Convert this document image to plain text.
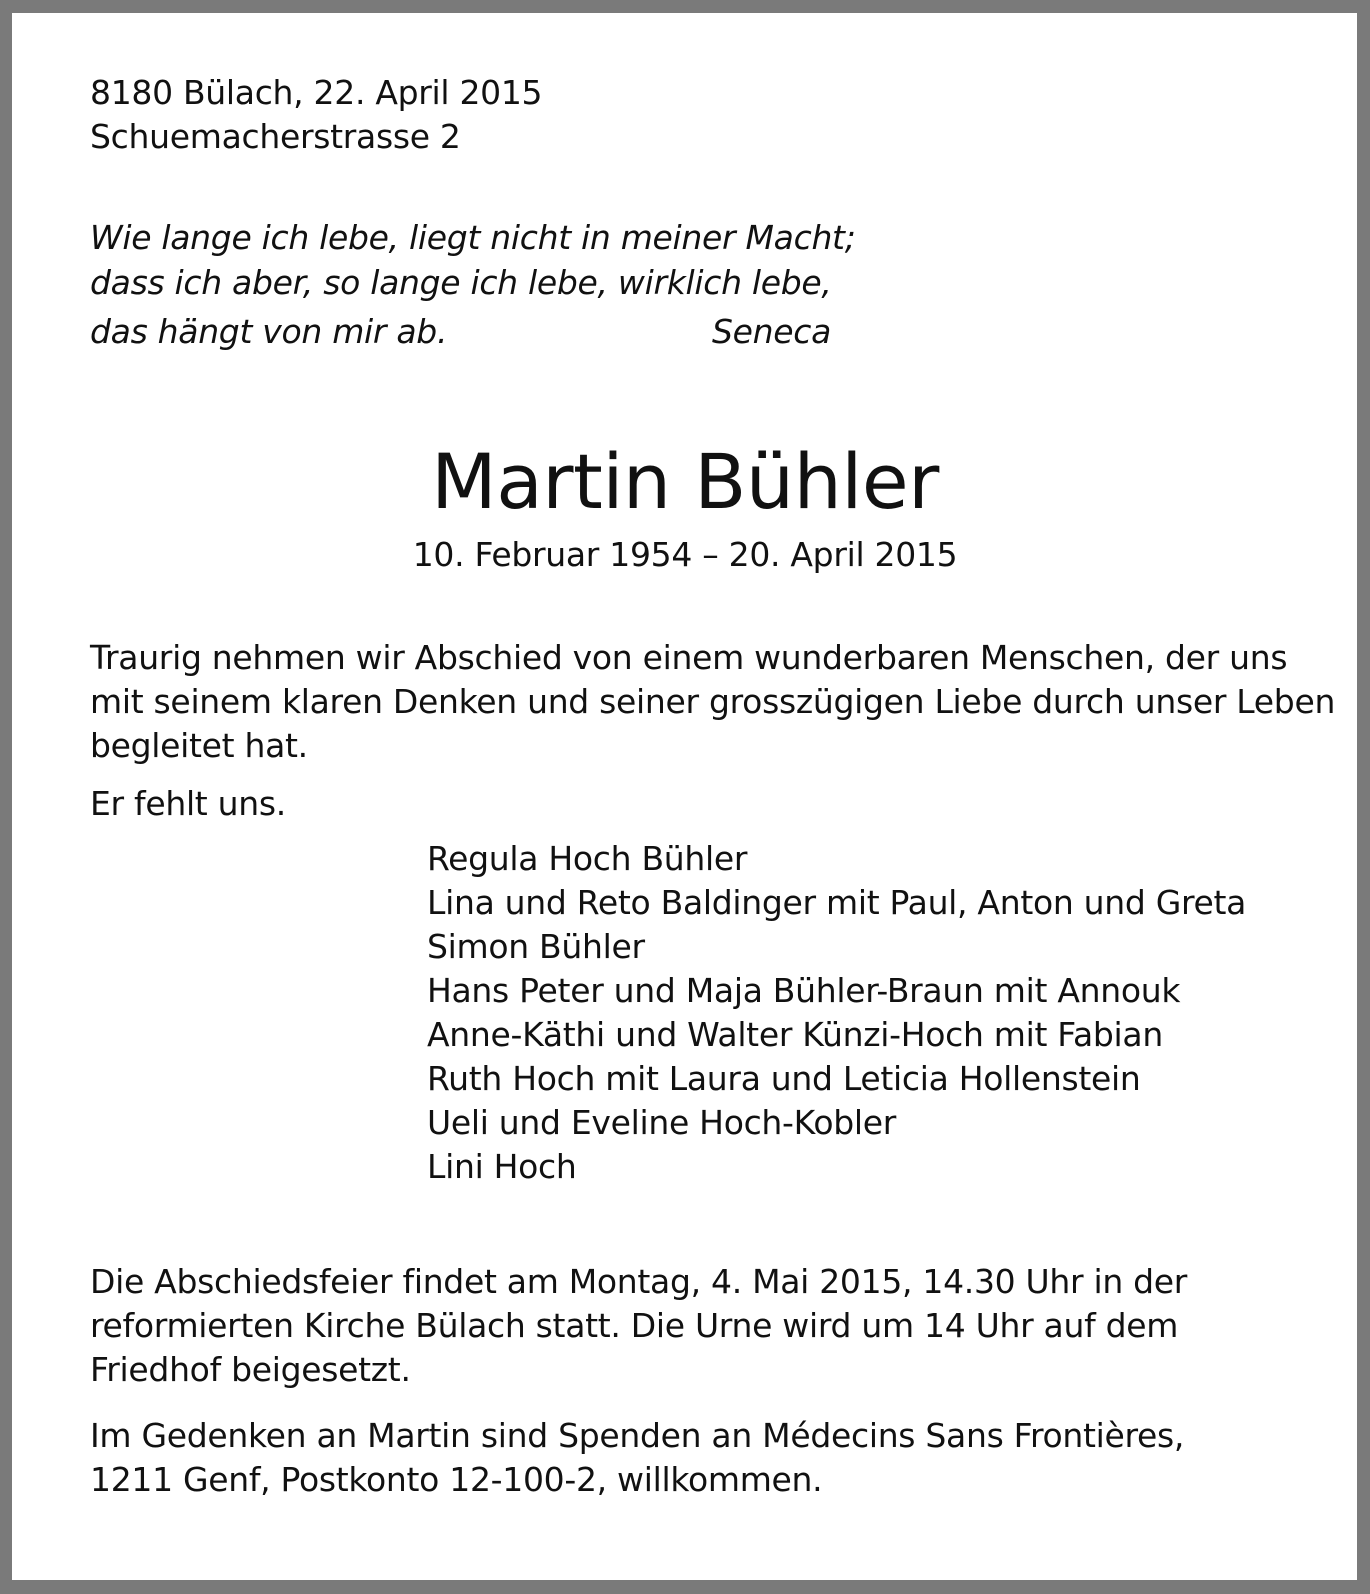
8180 Bülach, 22. April 2015

Schuemacherstrasse 2

Wie lange ich lebe, liegt nicht in meiner Macht;

dass ich aber, so lange ich lebe, wirklich lebe,

das hängt von mir ab.	Seneca

Martin Bühler

10. Februar 1954 – 20. April 2015

Traurig nehmen wir Abschied von einem wunderbaren Menschen, der uns

mit seinem klaren Denken und seiner grosszügigen Liebe durch unser Leben

begleitet hat.

Er fehlt uns.

Regula Hoch Bühler

Lina und Reto Baldinger mit Paul, Anton und Greta

Simon Bühler

Hans Peter und Maja Bühler-Braun mit Annouk

Anne-Käthi und Walter Künzi-Hoch mit Fabian

Ruth Hoch mit Laura und Leticia Hollenstein

Ueli und Eveline Hoch-Kobler

Lini Hoch

Die Abschiedsfeier findet am Montag, 4. Mai 2015, 14.30 Uhr in der

reformierten Kirche Bülach statt. Die Urne wird um 14 Uhr auf dem

Friedhof beigesetzt.

Im Gedenken an Martin sind Spenden an Médecins Sans Frontières,

1211 Genf, Postkonto 12-100-2, willkommen.
